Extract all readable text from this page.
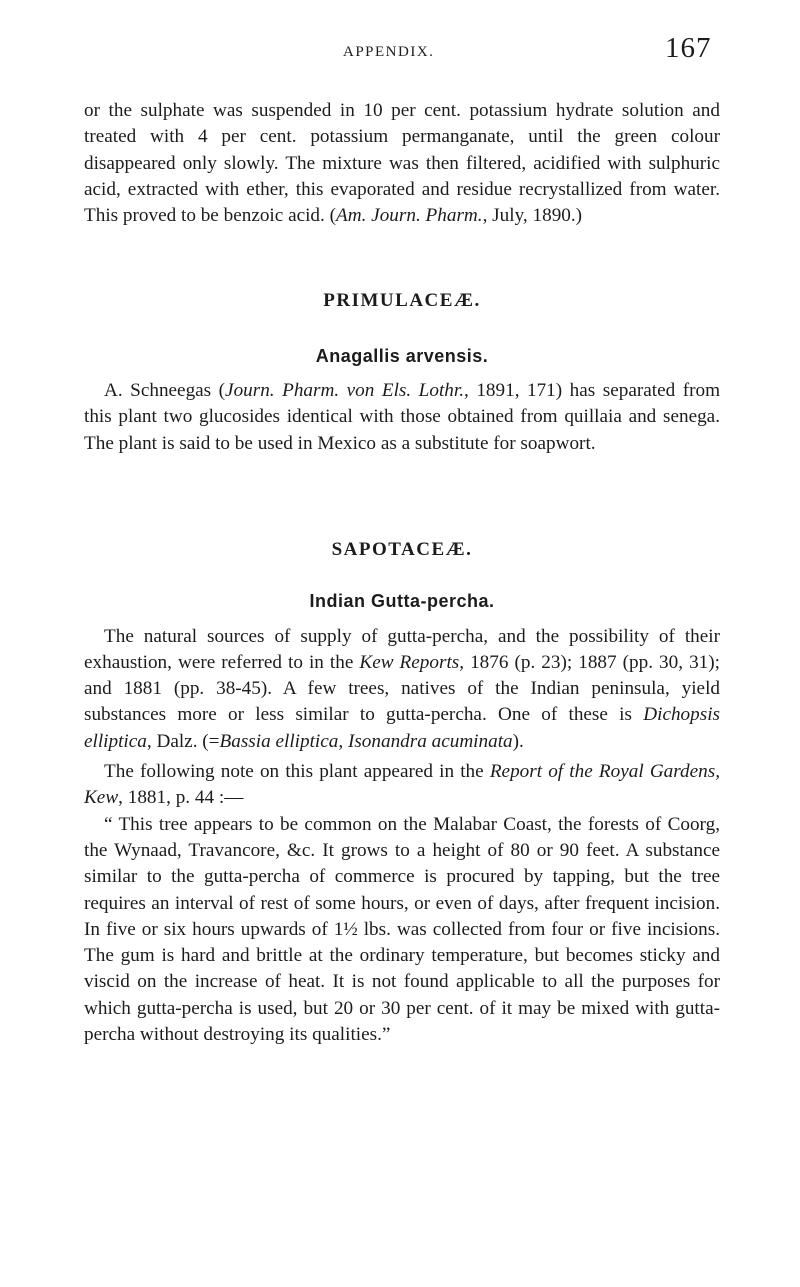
APPENDIX.	167

or the sulphate was suspended in 10 per cent. potassium hydrate solution and treated with 4 per cent. potassium permanganate, until the green colour disappeared only slowly. The mixture was then filtered, acidified with sulphuric acid, extracted with ether, this evaporated and residue recrystallized from water. This proved to be benzoic acid. (Am. Journ. Pharm., July, 1890.)

PRIMULACEÆ.
Anagallis arvensis.

A. Schneegas (Journ. Pharm. von Els. Lothr., 1891, 171) has separated from this plant two glucosides identical with those obtained from quillaia and senega. The plant is said to be used in Mexico as a substitute for soapwort.

SAPOTACEÆ.
Indian Gutta-percha.

The natural sources of supply of gutta-percha, and the possibility of their exhaustion, were referred to in the Kew Reports, 1876 (p. 23); 1887 (pp. 30, 31); and 1881 (pp. 38-45). A few trees, natives of the Indian peninsula, yield substances more or less similar to gutta-percha. One of these is Dichopsis elliptica, Dalz. (=Bassia elliptica, Isonandra acuminata).

The following note on this plant appeared in the Report of the Royal Gardens, Kew, 1881, p. 44 :—

“ This tree appears to be common on the Malabar Coast, the forests of Coorg, the Wynaad, Travancore, &c. It grows to a height of 80 or 90 feet. A substance similar to the gutta-percha of commerce is procured by tapping, but the tree requires an interval of rest of some hours, or even of days, after frequent incision. In five or six hours upwards of 1½ lbs. was collected from four or five incisions. The gum is hard and brittle at the ordinary temperature, but becomes sticky and viscid on the increase of heat. It is not found applicable to all the purposes for which gutta-percha is used, but 20 or 30 per cent. of it may be mixed with gutta-percha without destroying its qualities.”
